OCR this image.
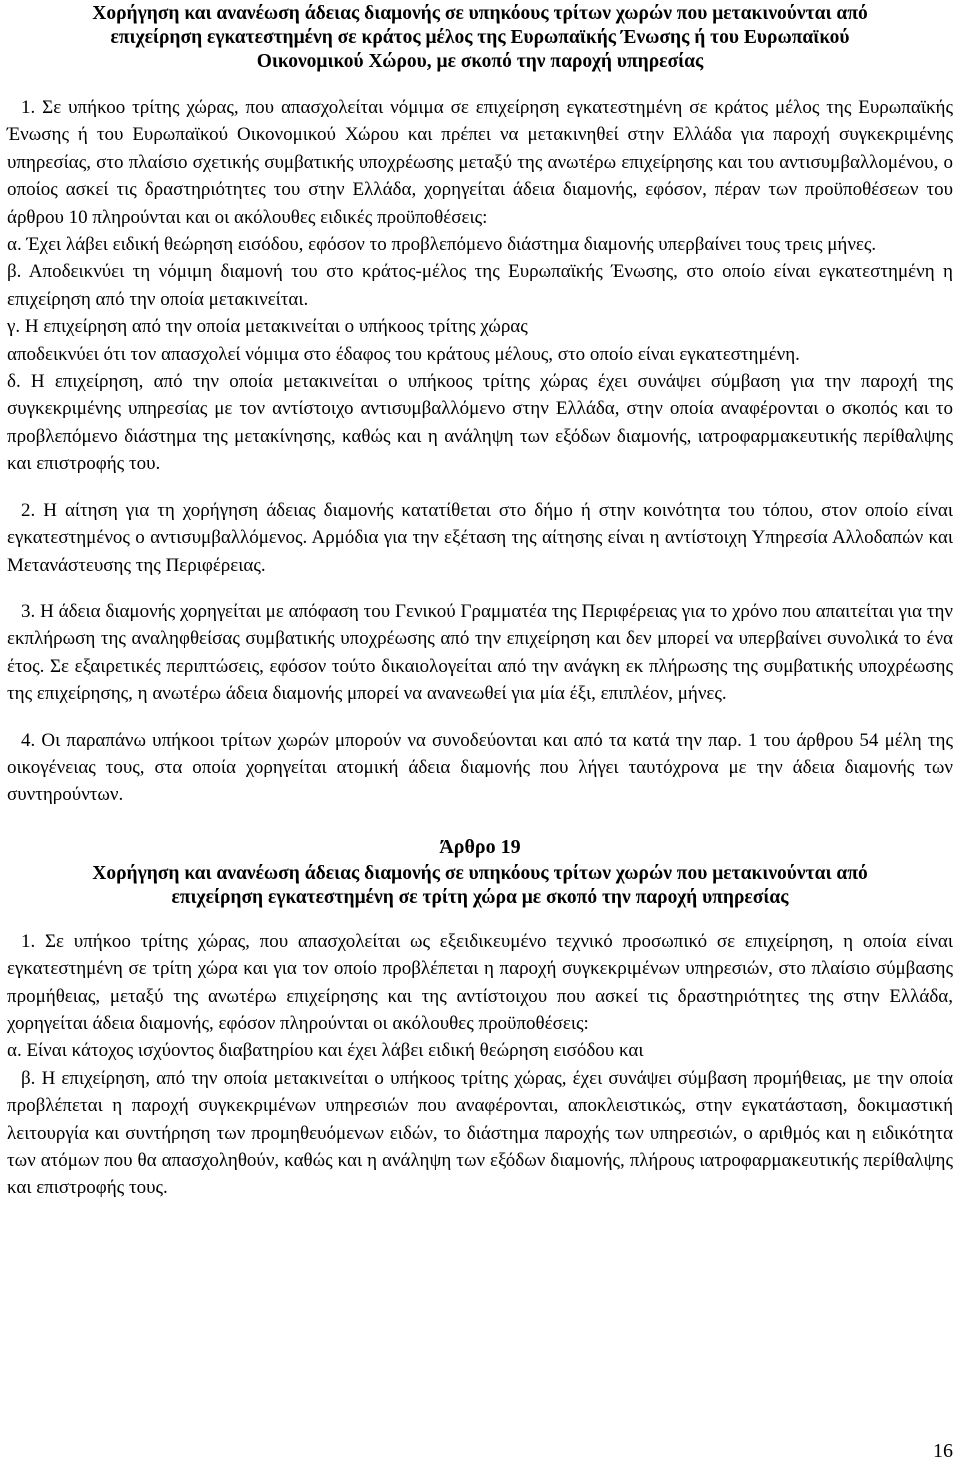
Χορήγηση και ανανέωση άδειας διαμονής σε υπηκόους τρίτων χωρών που μετακινούνται από
επιχείρηση εγκατεστημένη σε κράτος μέλος της Ευρωπαϊκής Ένωσης ή του Ευρωπαϊκού
Οικονομικού Χώρου, με σκοπό την παροχή υπηρεσίας

1. Σε υπήκοο τρίτης χώρας, που απασχολείται νόμιμα σε επιχείρηση εγκατεστημένη σε κράτος μέλος της Ευρωπαϊκής Ένωσης ή του Ευρωπαϊκού Οικονομικού Χώρου και πρέπει να μετακινηθεί στην Ελλάδα για παροχή συγκεκριμένης υπηρεσίας, στο πλαίσιο σχετικής συμβατικής υποχρέωσης μεταξύ της ανωτέρω επιχείρησης και του αντισυμβαλλομένου, ο οποίος ασκεί τις δραστηριότητες του στην Ελλάδα, χορηγείται άδεια διαμονής, εφόσον, πέραν των προϋποθέσεων του άρθρου 10 πληρούνται και οι ακόλουθες ειδικές προϋποθέσεις:

α. Έχει λάβει ειδική θεώρηση εισόδου, εφόσον το προβλεπόμενο διάστημα διαμονής υπερβαίνει τους τρεις μήνες.

β. Αποδεικνύει τη νόμιμη διαμονή του στο κράτος-μέλος της Ευρωπαϊκής Ένωσης, στο οποίο είναι εγκατεστημένη η επιχείρηση από την οποία μετακινείται.

γ. Η επιχείρηση από την οποία μετακινείται ο υπήκοος τρίτης χώρας

αποδεικνύει ότι τον απασχολεί νόμιμα στο έδαφος του κράτους μέλους, στο οποίο είναι εγκατεστημένη.

δ. Η επιχείρηση, από την οποία μετακινείται ο υπήκοος τρίτης χώρας έχει συνάψει σύμβαση για την παροχή της συγκεκριμένης υπηρεσίας με τον αντίστοιχο αντισυμβαλλόμενο στην Ελλάδα, στην οποία αναφέρονται ο σκοπός και το προβλεπόμενο διάστημα της μετακίνησης, καθώς και η ανάληψη των εξόδων διαμονής, ιατροφαρμακευτικής περίθαλψης και επιστροφής του.

2. Η αίτηση για τη χορήγηση άδειας διαμονής κατατίθεται στο δήμο ή στην κοινότητα του τόπου, στον οποίο είναι εγκατεστημένος ο αντισυμβαλλόμενος. Αρμόδια για την εξέταση της αίτησης είναι η αντίστοιχη Υπηρεσία Αλλοδαπών και Μετανάστευσης της Περιφέρειας.

3. Η άδεια διαμονής χορηγείται με απόφαση του Γενικού Γραμματέα της Περιφέρειας για το χρόνο που απαιτείται για την εκπλήρωση της αναληφθείσας συμβατικής υποχρέωσης από την επιχείρηση και δεν μπορεί να υπερβαίνει συνολικά το ένα έτος. Σε εξαιρετικές περιπτώσεις, εφόσον τούτο δικαιολογείται από την ανάγκη εκ πλήρωσης της συμβατικής υποχρέωσης της επιχείρησης, η ανωτέρω άδεια διαμονής μπορεί να ανανεωθεί για μία έξι, επιπλέον, μήνες.

4. Οι παραπάνω υπήκοοι τρίτων χωρών μπορούν να συνοδεύονται και από τα κατά την παρ. 1 του άρθρου 54 μέλη της οικογένειας τους, στα οποία χορηγείται ατομική άδεια διαμονής που λήγει ταυτόχρονα με την άδεια διαμονής των συντηρούντων.

Άρθρο 19
Χορήγηση και ανανέωση άδειας διαμονής σε υπηκόους τρίτων χωρών που μετακινούνται από
επιχείρηση εγκατεστημένη σε τρίτη χώρα με σκοπό την παροχή υπηρεσίας

1. Σε υπήκοο τρίτης χώρας, που απασχολείται ως εξειδικευμένο τεχνικό προσωπικό σε επιχείρηση, η οποία είναι εγκατεστημένη σε τρίτη χώρα και για τον οποίο προβλέπεται η παροχή συγκεκριμένων υπηρεσιών, στο πλαίσιο σύμβασης προμήθειας, μεταξύ της ανωτέρω επιχείρησης και της αντίστοιχου που ασκεί τις δραστηριότητες της στην Ελλάδα, χορηγείται άδεια διαμονής, εφόσον πληρούνται οι ακόλουθες προϋποθέσεις:

α. Είναι κάτοχος ισχύοντος διαβατηρίου και έχει λάβει ειδική θεώρηση εισόδου και

β. Η επιχείρηση, από την οποία μετακινείται ο υπήκοος τρίτης χώρας, έχει συνάψει σύμβαση προμήθειας, με την οποία προβλέπεται η παροχή συγκεκριμένων υπηρεσιών που αναφέρονται, αποκλειστικώς, στην εγκατάσταση, δοκιμαστική λειτουργία και συντήρηση των προμηθευόμενων ειδών, το διάστημα παροχής των υπηρεσιών, ο αριθμός και η ειδικότητα των ατόμων που θα απασχοληθούν, καθώς και η ανάληψη των εξόδων διαμονής, πλήρους ιατροφαρμακευτικής περίθαλψης και επιστροφής τους.

16
